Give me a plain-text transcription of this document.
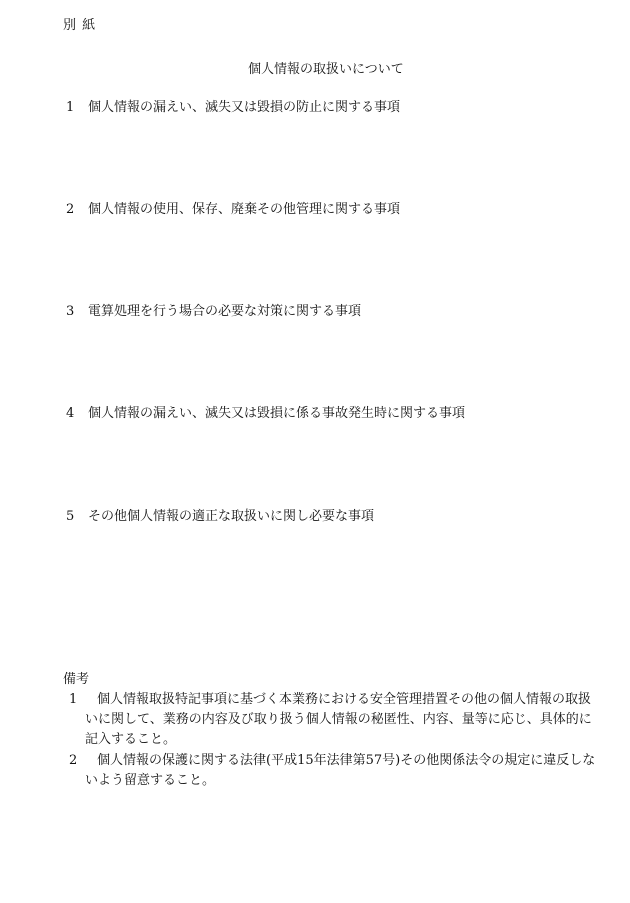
別 紙
個人情報の取扱いについて
1 個人情報の漏えい、滅失又は毀損の防止に関する事項
2 個人情報の使用、保存、廃棄その他管理に関する事項
3 電算処理を行う場合の必要な対策に関する事項
4 個人情報の漏えい、滅失又は毀損に係る事故発生時に関する事項
5 その他個人情報の適正な取扱いに関し必要な事項
備考
1	個人情報取扱特記事項に基づく本業務における安全管理措置その他の個人情報の取扱いに関して、業務の内容及び取り扱う個人情報の秘匿性、内容、量等に応じ、具体的に記入すること。
2	個人情報の保護に関する法律(平成15年法律第57号)その他関係法令の規定に違反しないよう留意すること。
